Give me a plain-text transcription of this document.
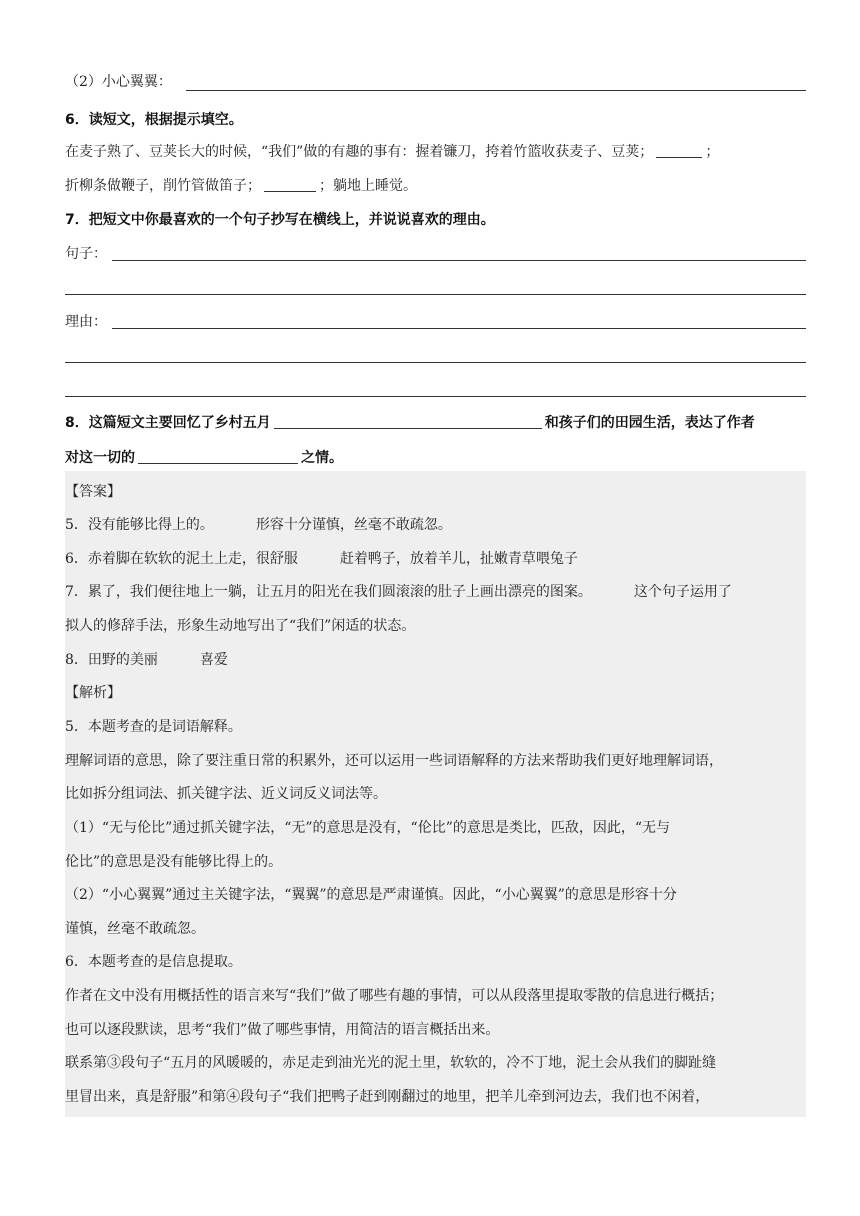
（2）小心翼翼：
6．读短文，根据提示填空。
在麦子熟了、豆荚长大的时候，“我们”做的有趣的事有：握着镰刀，挎着竹篮收获麦子、豆荚；	；
折柳条做鞭子，削竹管做笛子；	；躺地上睡觉。
7．把短文中你最喜欢的一个句子抄写在横线上，并说说喜欢的理由。
句子：
理由：
8．这篇短文主要回忆了乡村五月	和孩子们的田园生活，表达了作者
对这一切的	之情。
【答案】
5．没有能够比得上的。	形容十分谨慎，丝毫不敢疏忽。
6．赤着脚在软软的泥土上走，很舒服	赶着鸭子，放着羊儿，扯嫩青草喂兔子
7．累了，我们便往地上一躺，让五月的阳光在我们圆滚滚的肚子上画出漂亮的图案。	这个句子运用了
拟人的修辞手法，形象生动地写出了“我们”闲适的状态。
8．田野的美丽	喜爱
【解析】
5．本题考查的是词语解释。
理解词语的意思，除了要注重日常的积累外，还可以运用一些词语解释的方法来帮助我们更好地理解词语，
比如拆分组词法、抓关键字法、近义词反义词法等。
（1）“无与伦比”通过抓关键字法，“无”的意思是没有，“伦比”的意思是类比，匹敌，因此，“无与
伦比”的意思是没有能够比得上的。
（2）“小心翼翼”通过主关键字法，“翼翼”的意思是严肃谨慎。因此，“小心翼翼”的意思是形容十分
谨慎，丝毫不敢疏忽。
6．本题考查的是信息提取。
作者在文中没有用概括性的语言来写“我们”做了哪些有趣的事情，可以从段落里提取零散的信息进行概括；
也可以逐段默读，思考“我们”做了哪些事情，用简洁的语言概括出来。
联系第③段句子“五月的风暖暖的，赤足走到油光光的泥土里，软软的，冷不丁地，泥土会从我们的脚趾缝
里冒出来，真是舒服”和第④段句子“我们把鸭子赶到刚翻过的地里，把羊儿牵到河边去，我们也不闲着，
